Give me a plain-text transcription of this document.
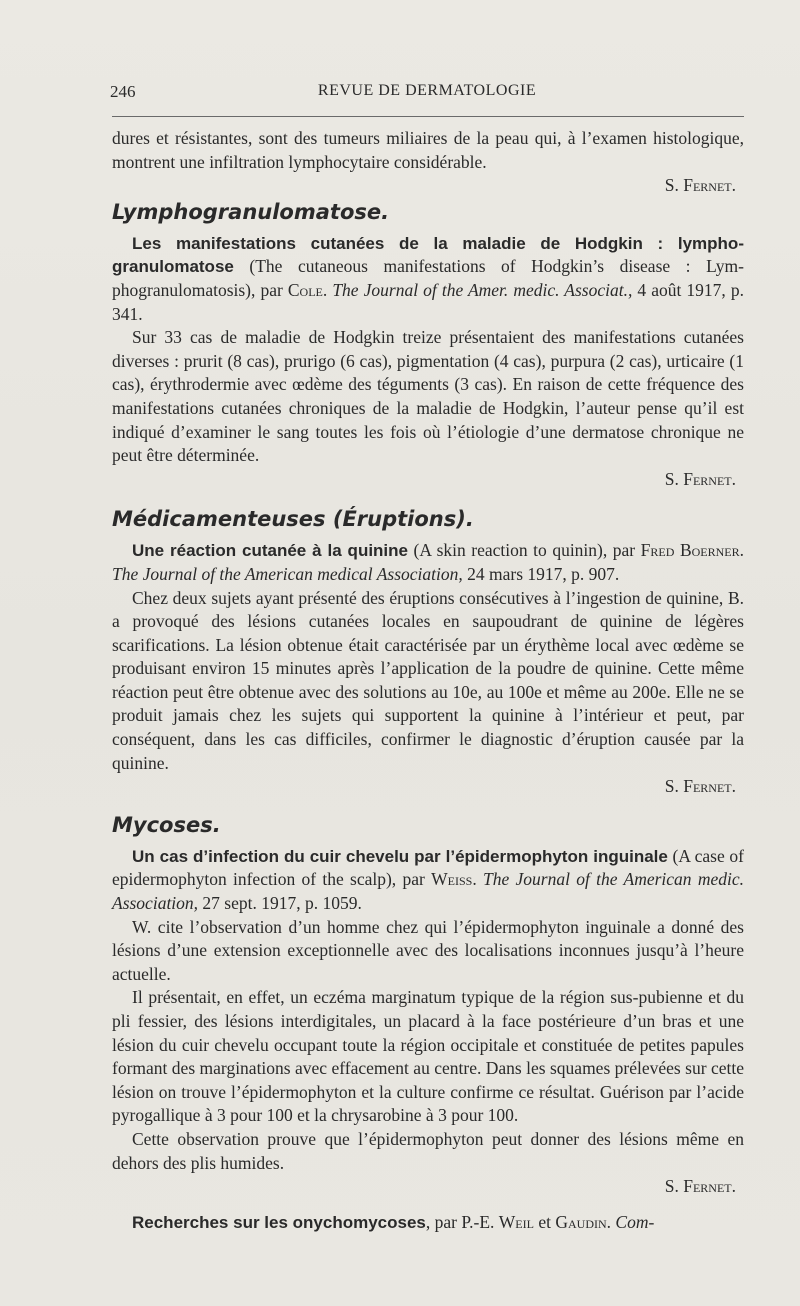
246	REVUE DE DERMATOLOGIE

dures et résistantes, sont des tumeurs miliaires de la peau qui, à l’examen histologique, montrent une infiltration lymphocytaire considérable.

S. Fernet.

Lymphogranulomatose.

Les manifestations cutanées de la maladie de Hodgkin : lymphogranulomatose (The cutaneous manifestations of Hodgkin’s disease : Lymphogranulomatosis), par Cole. The Journal of the Amer. medic. Associat., 4 août 1917, p. 341.

Sur 33 cas de maladie de Hodgkin treize présentaient des manifestations cutanées diverses : prurit (8 cas), prurigo (6 cas), pigmentation (4 cas), purpura (2 cas), urticaire (1 cas), érythrodermie avec œdème des téguments (3 cas). En raison de cette fréquence des manifestations cutanées chroniques de la maladie de Hodgkin, l’auteur pense qu’il est indiqué d’examiner le sang toutes les fois où l’étiologie d’une dermatose chronique ne peut être déterminée.

S. Fernet.

Médicamenteuses (Éruptions).

Une réaction cutanée à la quinine (A skin reaction to quinin), par Fred Boerner. The Journal of the American medical Association, 24 mars 1917, p. 907.

Chez deux sujets ayant présenté des éruptions consécutives à l’ingestion de quinine, B. a provoqué des lésions cutanées locales en saupoudrant de quinine de légères scarifications. La lésion obtenue était caractérisée par un érythème local avec œdème se produisant environ 15 minutes après l’application de la poudre de quinine. Cette même réaction peut être obtenue avec des solutions au 10e, au 100e et même au 200e. Elle ne se produit jamais chez les sujets qui supportent la quinine à l’intérieur et peut, par conséquent, dans les cas difficiles, confirmer le diagnostic d’éruption causée par la quinine.

S. Fernet.

Mycoses.

Un cas d’infection du cuir chevelu par l’épidermophyton inguinale (A case of epidermophyton infection of the scalp), par Weiss. The Journal of the American medic. Association, 27 sept. 1917, p. 1059.

W. cite l’observation d’un homme chez qui l’épidermophyton inguinale a donné des lésions d’une extension exceptionnelle avec des localisations inconnues jusqu’à l’heure actuelle.

Il présentait, en effet, un eczéma marginatum typique de la région sus-pubienne et du pli fessier, des lésions interdigitales, un placard à la face postérieure d’un bras et une lésion du cuir chevelu occupant toute la région occipitale et constituée de petites papules formant des marginations avec effacement au centre. Dans les squames prélevées sur cette lésion on trouve l’épidermophyton et la culture confirme ce résultat. Guérison par l’acide pyrogallique à 3 pour 100 et la chrysarobine à 3 pour 100.

Cette observation prouve que l’épidermophyton peut donner des lésions même en dehors des plis humides.

S. Fernet.

Recherches sur les onychomycoses, par P.-E. Weil et Gaudin. Com-
